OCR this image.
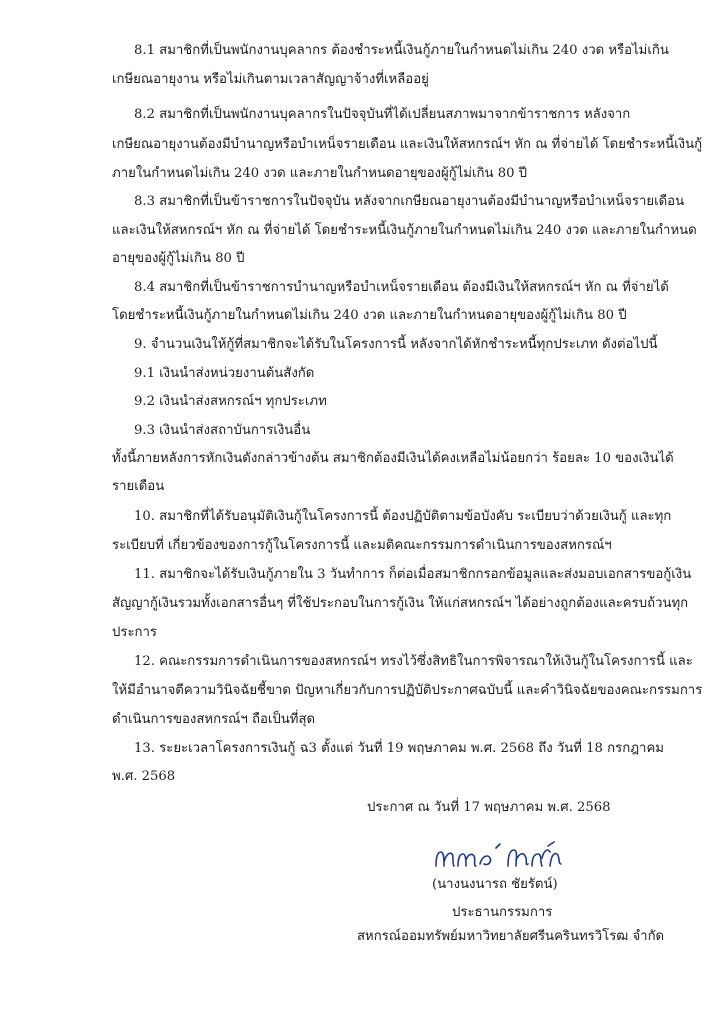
8.1 สมาชิกที่เป็นพนักงานบุคลากร ต้องชำระหนี้เงินกู้ภายในกำหนดไม่เกิน 240 งวด หรือไม่เกิน
เกษียณอายุงาน หรือไม่เกินตามเวลาสัญญาจ้างที่เหลืออยู่
8.2 สมาชิกที่เป็นพนักงานบุคลากรในปัจจุบันที่ได้เปลี่ยนสภาพมาจากข้าราชการ หลังจาก
เกษียณอายุงานต้องมีบำนาญหรือบำเหน็จรายเดือน และเงินให้สหกรณ์ฯ หัก ณ ที่จ่ายได้ โดยชำระหนี้เงินกู้
ภายในกำหนดไม่เกิน 240 งวด และภายในกำหนดอายุของผู้กู้ไม่เกิน 80 ปี
8.3 สมาชิกที่เป็นข้าราชการในปัจจุบัน หลังจากเกษียณอายุงานต้องมีบำนาญหรือบำเหน็จรายเดือน
และเงินให้สหกรณ์ฯ หัก ณ ที่จ่ายได้ โดยชำระหนี้เงินกู้ภายในกำหนดไม่เกิน 240 งวด และภายในกำหนด
อายุของผู้กู้ไม่เกิน 80 ปี
8.4 สมาชิกที่เป็นข้าราชการบำนาญหรือบำเหน็จรายเดือน ต้องมีเงินให้สหกรณ์ฯ หัก ณ ที่จ่ายได้
โดยชำระหนี้เงินกู้ภายในกำหนดไม่เกิน 240 งวด และภายในกำหนดอายุของผู้กู้ไม่เกิน 80 ปี
9. จำนวนเงินให้กู้ที่สมาชิกจะได้รับในโครงการนี้ หลังจากได้หักชำระหนี้ทุกประเภท ดังต่อไปนี้
9.1 เงินนำส่งหน่วยงานต้นสังกัด
9.2 เงินนำส่งสหกรณ์ฯ ทุกประเภท
9.3 เงินนำส่งสถาบันการเงินอื่น
ทั้งนี้ภายหลังการหักเงินดังกล่าวข้างต้น สมาชิกต้องมีเงินได้คงเหลือไม่น้อยกว่า ร้อยละ 10 ของเงินได้
รายเดือน
10. สมาชิกที่ได้รับอนุมัติเงินกู้ในโครงการนี้ ต้องปฏิบัติตามข้อบังคับ ระเบียบว่าด้วยเงินกู้ และทุก
ระเบียบที่ เกี่ยวข้องของการกู้ในโครงการนี้ และมติคณะกรรมการดำเนินการของสหกรณ์ฯ
11. สมาชิกจะได้รับเงินกู้ภายใน 3 วันทำการ ก็ต่อเมื่อสมาชิกกรอกข้อมูลและส่งมอบเอกสารขอกู้เงิน
สัญญากู้เงินรวมทั้งเอกสารอื่นๆ ที่ใช้ประกอบในการกู้เงิน ให้แก่สหกรณ์ฯ ได้อย่างถูกต้องและครบถ้วนทุก
ประการ
12. คณะกรรมการดำเนินการของสหกรณ์ฯ ทรงไว้ซึ่งสิทธิในการพิจารณาให้เงินกู้ในโครงการนี้ และ
ให้มีอำนาจตีความวินิจฉัยชี้ขาด ปัญหาเกี่ยวกับการปฏิบัติประกาศฉบับนี้ และคำวินิจฉัยของคณะกรรมการ
ดำเนินการของสหกรณ์ฯ ถือเป็นที่สุด
13. ระยะเวลาโครงการเงินกู้ ฉ3 ตั้งแต่ วันที่ 19 พฤษภาคม พ.ศ. 2568 ถึง วันที่ 18 กรกฎาคม
พ.ศ. 2568
ประกาศ ณ วันที่ 17 พฤษภาคม พ.ศ. 2568
(นางนงนารถ ชัยรัตน์)
ประธานกรรมการ
สหกรณ์ออมทรัพย์มหาวิทยาลัยศรีนครินทรวิโรฒ จำกัด
